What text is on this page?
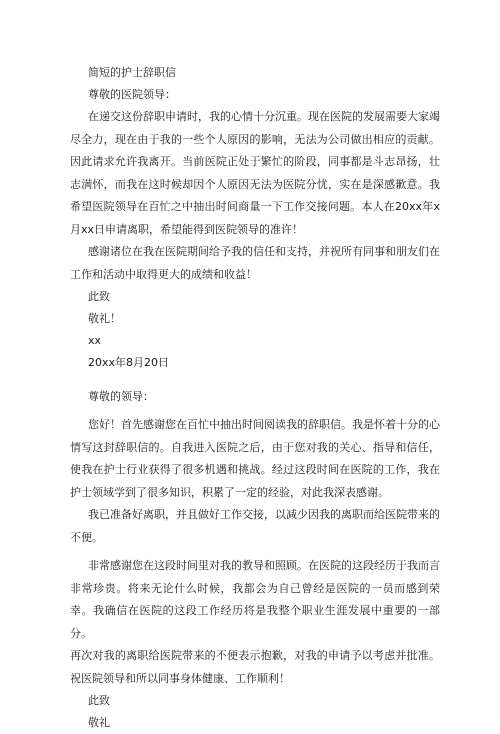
简短的护士辞职信
尊敬的医院领导：
在递交这份辞职申请时，我的心情十分沉重。现在医院的发展需要大家竭尽全力，现在由于我的一些个人原因的影响，无法为公司做出相应的贡献。因此请求允许我离开。当前医院正处于繁忙的阶段，同事都是斗志昂扬，壮志满怀，而我在这时候却因个人原因无法为医院分忧，实在是深感歉意。我希望医院领导在百忙之中抽出时间商量一下工作交接问题。本人在20xx年x月xx日申请离职，希望能得到医院领导的准许！
感谢诸位在我在医院期间给予我的信任和支持，并祝所有同事和朋友们在工作和活动中取得更大的成绩和收益！
此致
敬礼！
xx
20xx年8月20日
尊敬的领导：
您好！首先感谢您在百忙中抽出时间阅读我的辞职信。我是怀着十分的心情写这封辞职信的。自我进入医院之后，由于您对我的关心、指导和信任，使我在护士行业获得了很多机遇和挑战。经过这段时间在医院的工作，我在护士领域学到了很多知识，积累了一定的经验，对此我深表感谢。
我已准备好离职，并且做好工作交接，以减少因我的离职而给医院带来的不便。
非常感谢您在这段时间里对我的教导和照顾。在医院的这段经历于我而言非常珍贵。将来无论什么时候，我都会为自己曾经是医院的一员而感到荣幸。我确信在医院的这段工作经历将是我整个职业生涯发展中重要的一部分。
再次对我的离职给医院带来的不便表示抱歉，对我的申请予以考虑并批准。祝医院领导和所以同事身体健康、工作顺利！
此致
敬礼
